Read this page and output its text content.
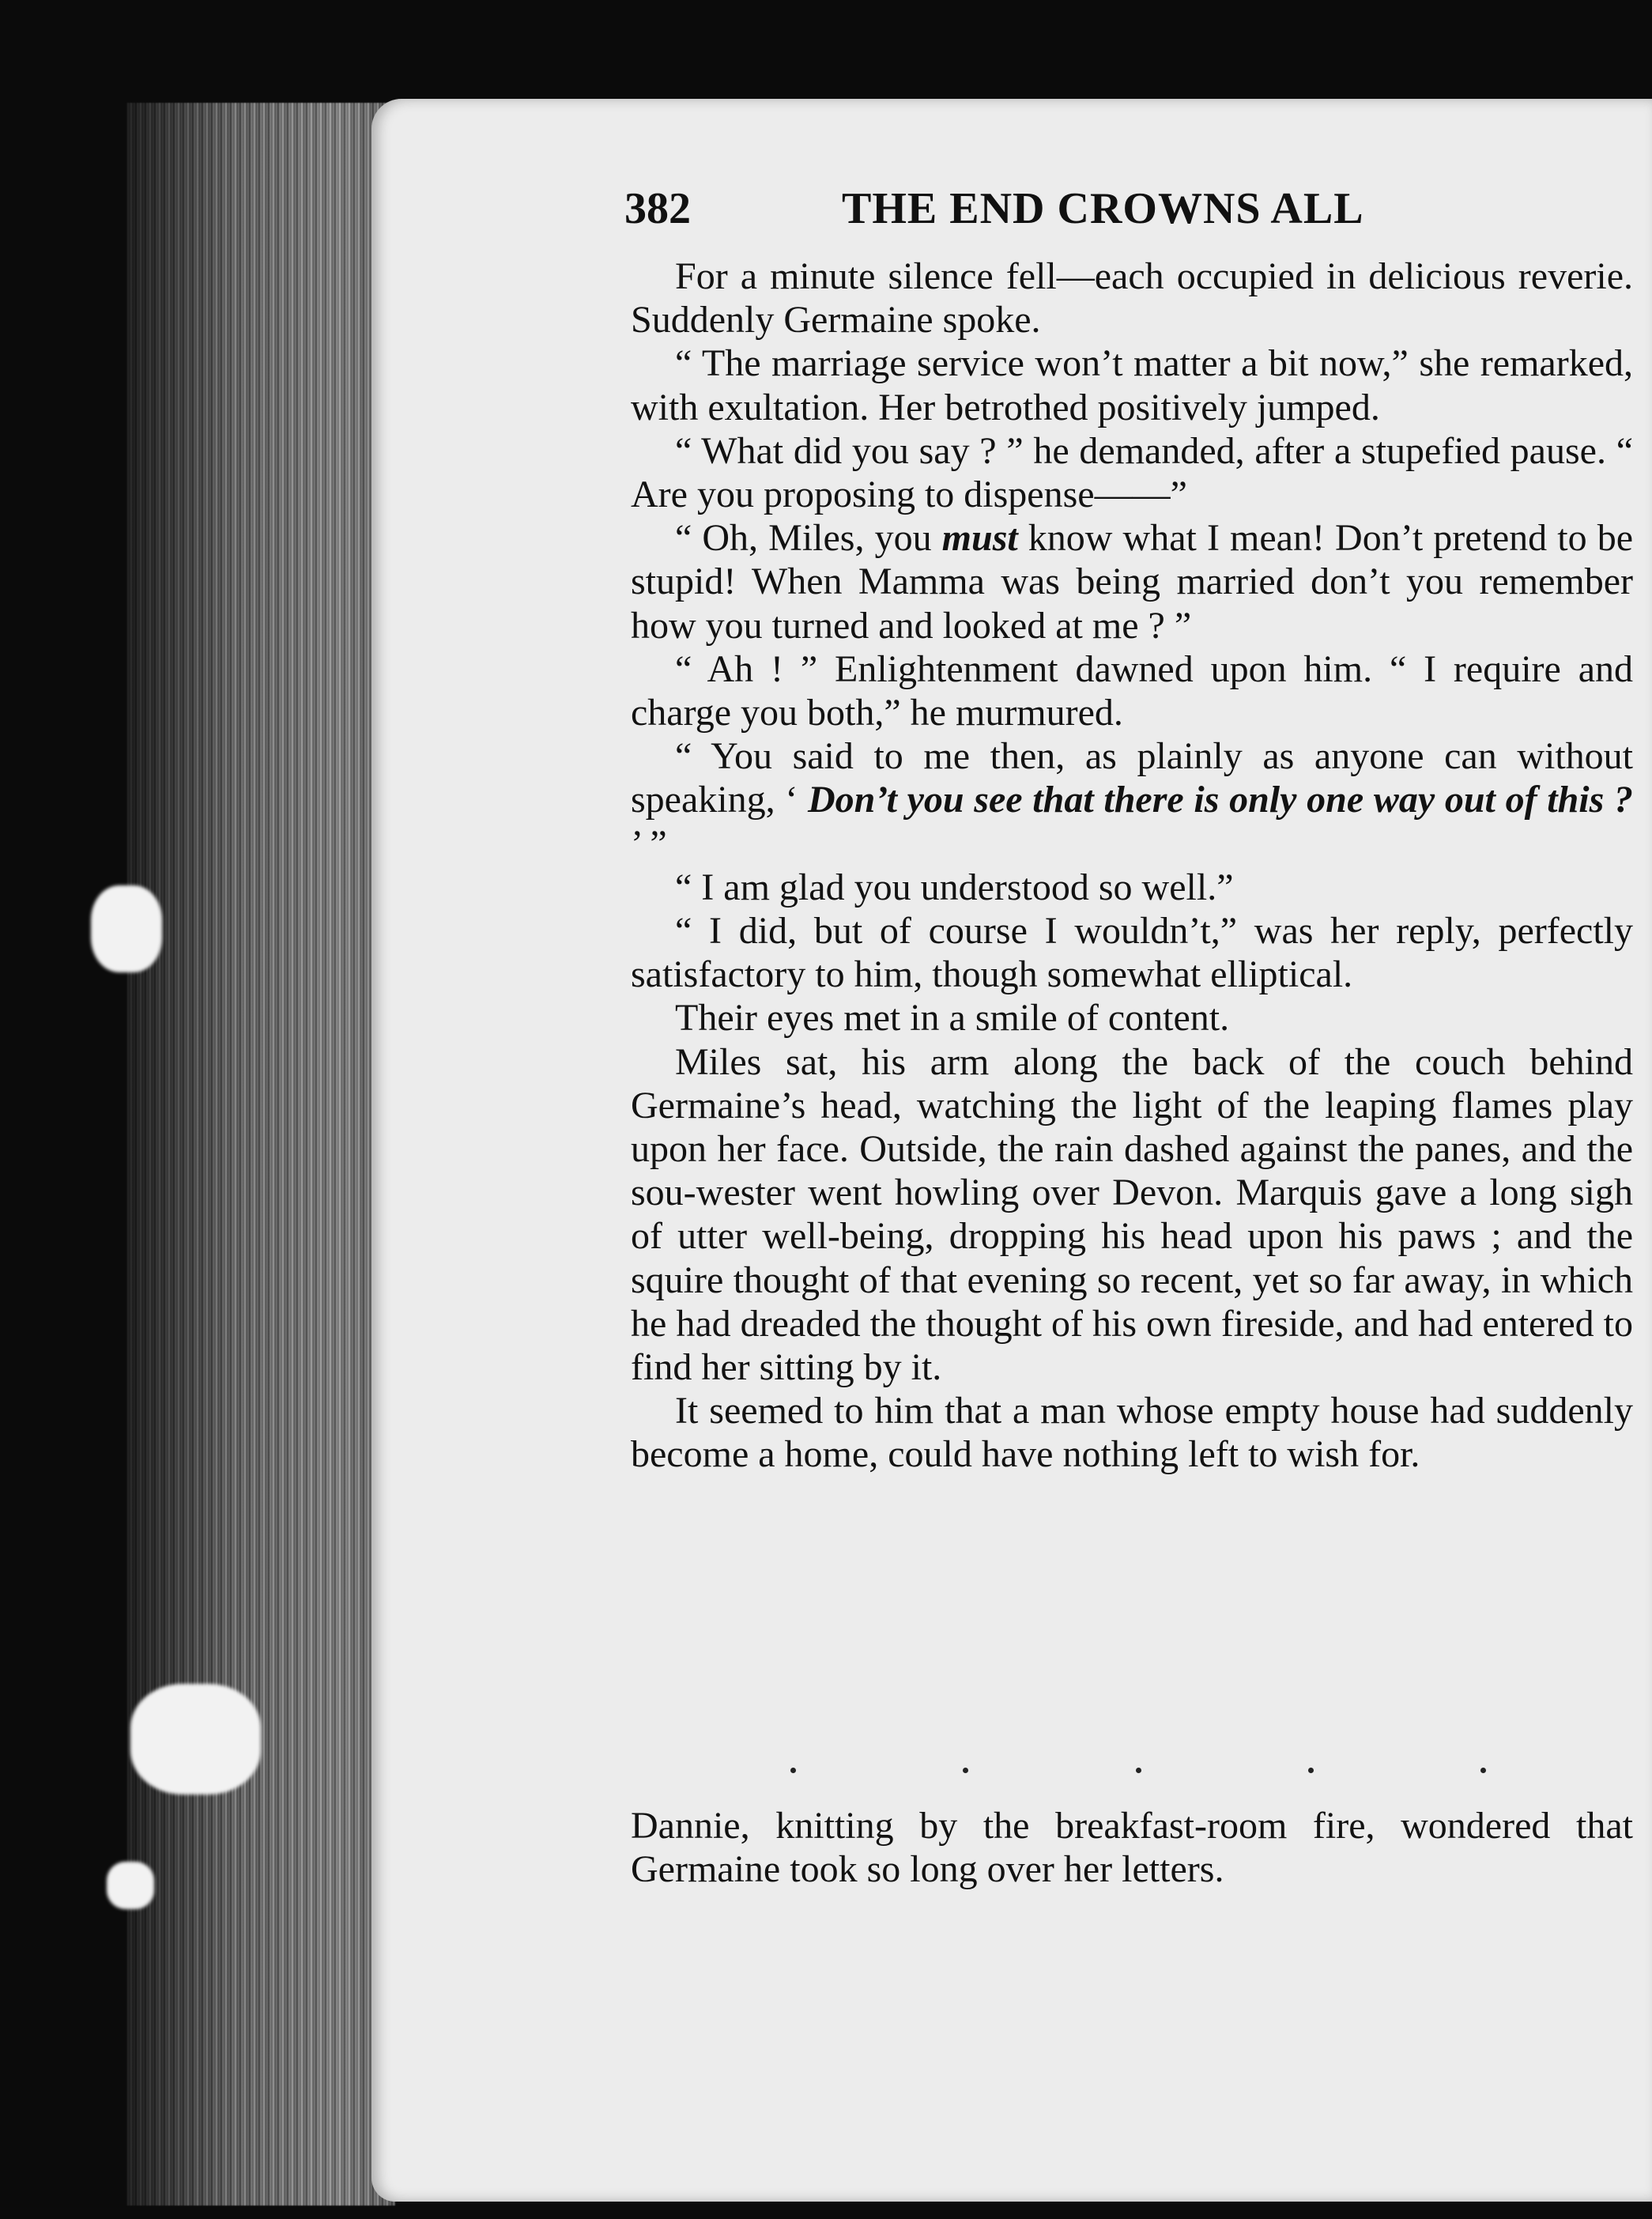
382	THE END CROWNS ALL

For a minute silence fell—each occupied in delicious reverie. Suddenly Germaine spoke.

“ The marriage service won’t matter a bit now,” she remarked, with exultation. Her betrothed positively jumped.

“ What did you say ? ” he demanded, after a stupefied pause. “ Are you proposing to dispense——”

“ Oh, Miles, you must know what I mean! Don’t pretend to be stupid! When Mamma was being married don’t you remember how you turned and looked at me ? ”

“ Ah ! ” Enlightenment dawned upon him. “ I require and charge you both,” he murmured.

“ You said to me then, as plainly as anyone can without speaking, ‘ Don’t you see that there is only one way out of this ? ’ ”

“ I am glad you understood so well.”

“ I did, but of course I wouldn’t,” was her reply, perfectly satisfactory to him, though somewhat elliptical.

Their eyes met in a smile of content.

Miles sat, his arm along the back of the couch behind Germaine’s head, watching the light of the leaping flames play upon her face. Outside, the rain dashed against the panes, and the sou-wester went howling over Devon. Marquis gave a long sigh of utter well-being, dropping his head upon his paws ; and the squire thought of that evening so recent, yet so far away, in which he had dreaded the thought of his own fireside, and had entered to find her sitting by it.

It seemed to him that a man whose empty house had suddenly become a home, could have nothing left to wish for.

Dannie, knitting by the breakfast-room fire, wondered that Germaine took so long over her letters.
